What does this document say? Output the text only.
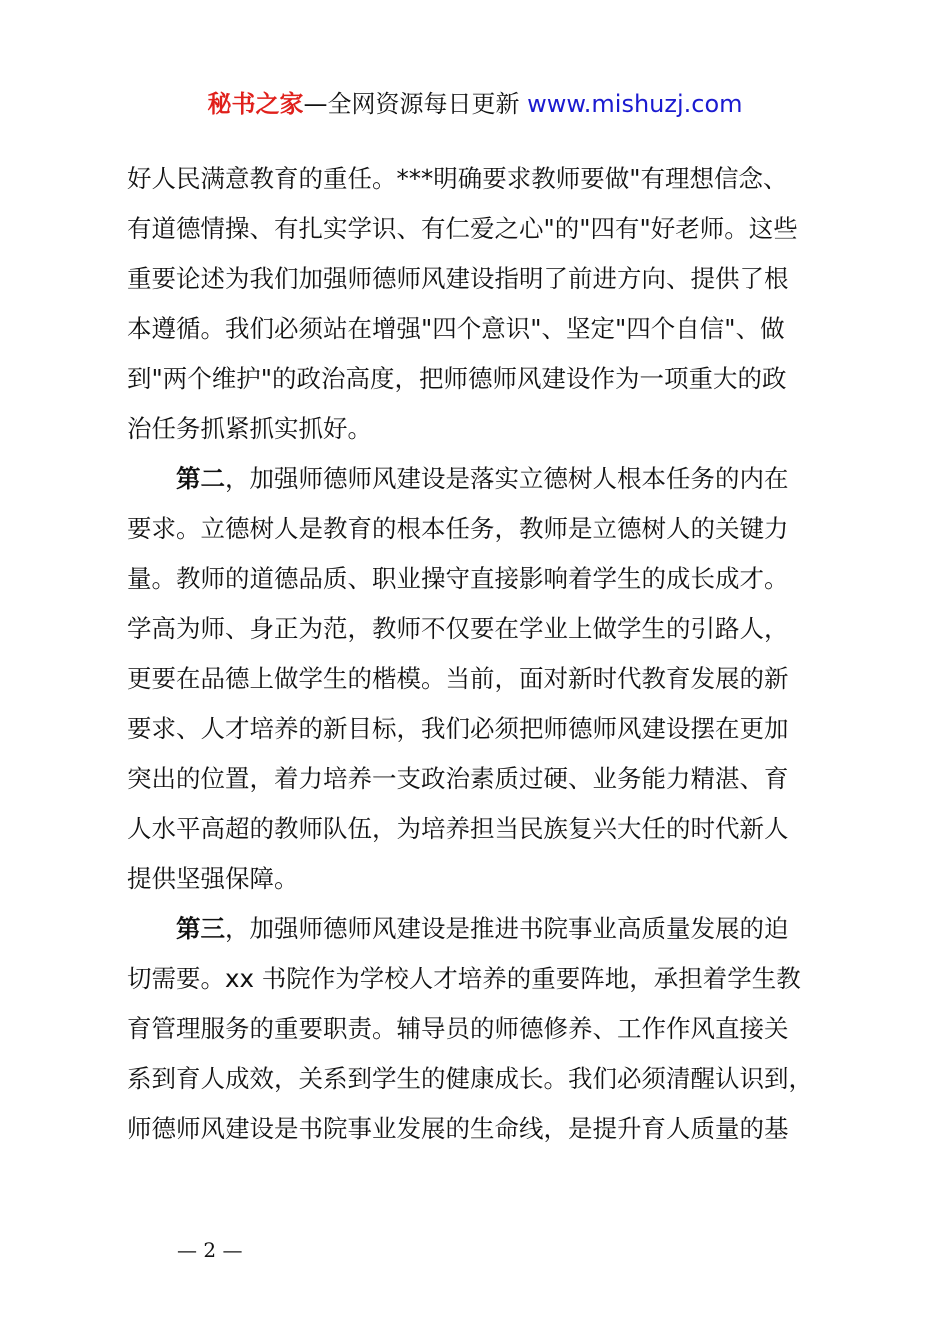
秘书之家—全网资源每日更新 www.mishuzj.com
好人民满意教育的重任。***明确要求教师要做"有理想信念、
有道德情操、有扎实学识、有仁爱之心"的"四有"好老师。这些
重要论述为我们加强师德师风建设指明了前进方向、提供了根
本遵循。我们必须站在增强"四个意识"、坚定"四个自信"、做
到"两个维护"的政治高度，把师德师风建设作为一项重大的政
治任务抓紧抓实抓好。
第二，加强师德师风建设是落实立德树人根本任务的内在
要求。立德树人是教育的根本任务，教师是立德树人的关键力
量。教师的道德品质、职业操守直接影响着学生的成长成才。
学高为师、身正为范，教师不仅要在学业上做学生的引路人，
更要在品德上做学生的楷模。当前，面对新时代教育发展的新
要求、人才培养的新目标，我们必须把师德师风建设摆在更加
突出的位置，着力培养一支政治素质过硬、业务能力精湛、育
人水平高超的教师队伍，为培养担当民族复兴大任的时代新人
提供坚强保障。
第三，加强师德师风建设是推进书院事业高质量发展的迫
切需要。xx 书院作为学校人才培养的重要阵地，承担着学生教
育管理服务的重要职责。辅导员的师德修养、工作作风直接关
系到育人成效，关系到学生的健康成长。我们必须清醒认识到，
师德师风建设是书院事业发展的生命线，是提升育人质量的基
— 2 —
